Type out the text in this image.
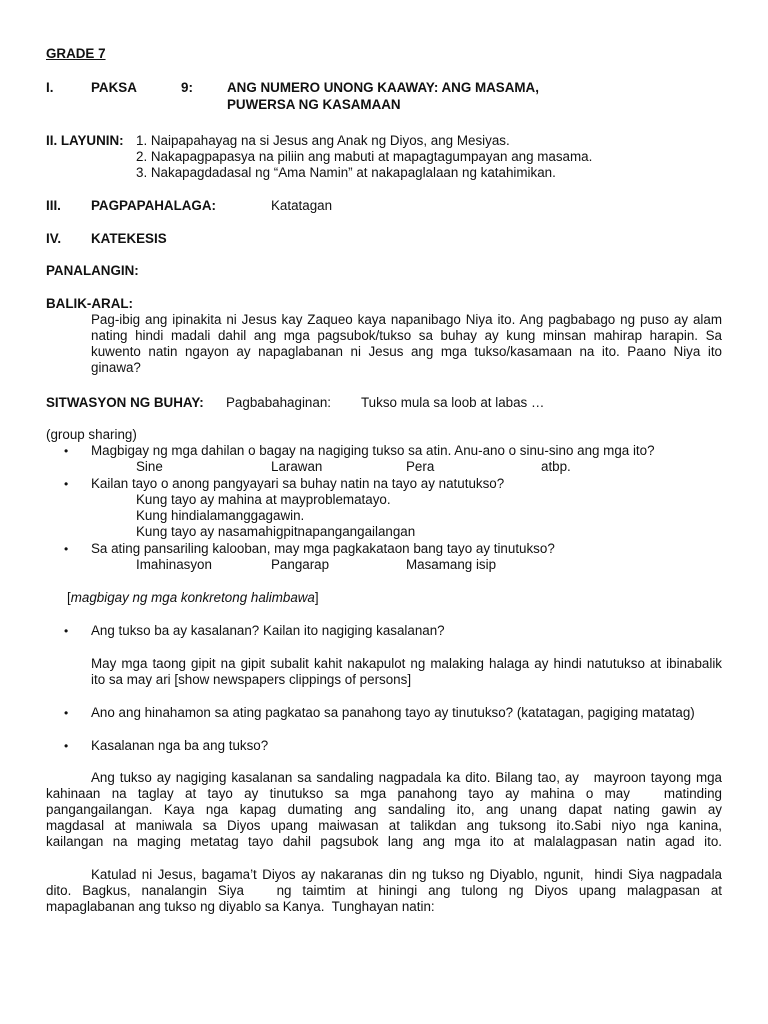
GRADE 7
I.	PAKSA	9:	ANG NUMERO UNONG KAAWAY: ANG MASAMA,
PUWERSA NG KASAMAAN
II. LAYUNIN: 1. Naipapahayag na si Jesus ang Anak ng Diyos, ang Mesiyas.
2. Nakapagpapasya na piliin ang mabuti at mapagtagumpayan ang masama.
3. Nakapagdadasal ng “Ama Namin” at nakapaglalaan ng katahimikan.
III. PAGPAPAHALAGA:	Katatagan
IV. KATEKESIS
PANALANGIN:
BALIK-ARAL:
Pag-ibig ang ipinakita ni Jesus kay Zaqueo kaya napanibago Niya ito. Ang pagbabago ng puso ay alam
nating hindi madali dahil ang mga pagsubok/tukso sa buhay ay kung minsan mahirap harapin. Sa
kuwento natin ngayon ay napaglabanan ni Jesus ang mga tukso/kasamaan na ito. Paano Niya ito
ginawa?
SITWASYON NG BUHAY: Pagbabahaginan: Tukso mula sa loob at labas …
(group sharing)
• Magbigay ng mga dahilan o bagay na nagiging tukso sa atin. Anu-ano o sinu-sino ang mga ito?
Sine	Larawan	Pera	atbp.
• Kailan tayo o anong pangyayari sa buhay natin na tayo ay natutukso?
Kung tayo ay mahina at mayproblematayo.
Kung hindialamanggagawin.
Kung tayo ay nasamahigpitnapangangailangan
• Sa ating pansariling kalooban, may mga pagkakataon bang tayo ay tinutukso?
Imahinasyon	Pangarap	Masamang isip
[magbigay ng mga konkretong halimbawa]
• Ang tukso ba ay kasalanan? Kailan ito nagiging kasalanan?
May mga taong gipit na gipit subalit kahit nakapulot ng malaking halaga ay hindi natutukso at ibinabalik
ito sa may ari [show newspapers clippings of persons]
• Ano ang hinahamon sa ating pagkatao sa panahong tayo ay tinutukso? (katatagan, pagiging matatag)
• Kasalanan nga ba ang tukso?
Ang tukso ay nagiging kasalanan sa sandaling nagpadala ka dito. Bilang tao, ay   mayroon tayong mga
kahinaan na taglay at tayo ay tinutukso sa mga panahong tayo ay mahina o may   matinding
pangangailangan. Kaya nga kapag dumating ang sandaling ito, ang unang dapat nating gawin ay
magdasal at maniwala sa Diyos upang maiwasan at talikdan ang tuksong ito.Sabi niyo nga kanina,
kailangan na maging metatag tayo dahil pagsubok lang ang mga ito at malalagpasan natin agad ito.
Katulad ni Jesus, bagama’t Diyos ay nakaranas din ng tukso ng Diyablo, ngunit,  hindi Siya nagpadala
dito. Bagkus, nanalangin Siya   ng taimtim at hiningi ang tulong ng Diyos upang malagpasan at
mapaglabanan ang tukso ng diyablo sa Kanya.  Tunghayan natin:
